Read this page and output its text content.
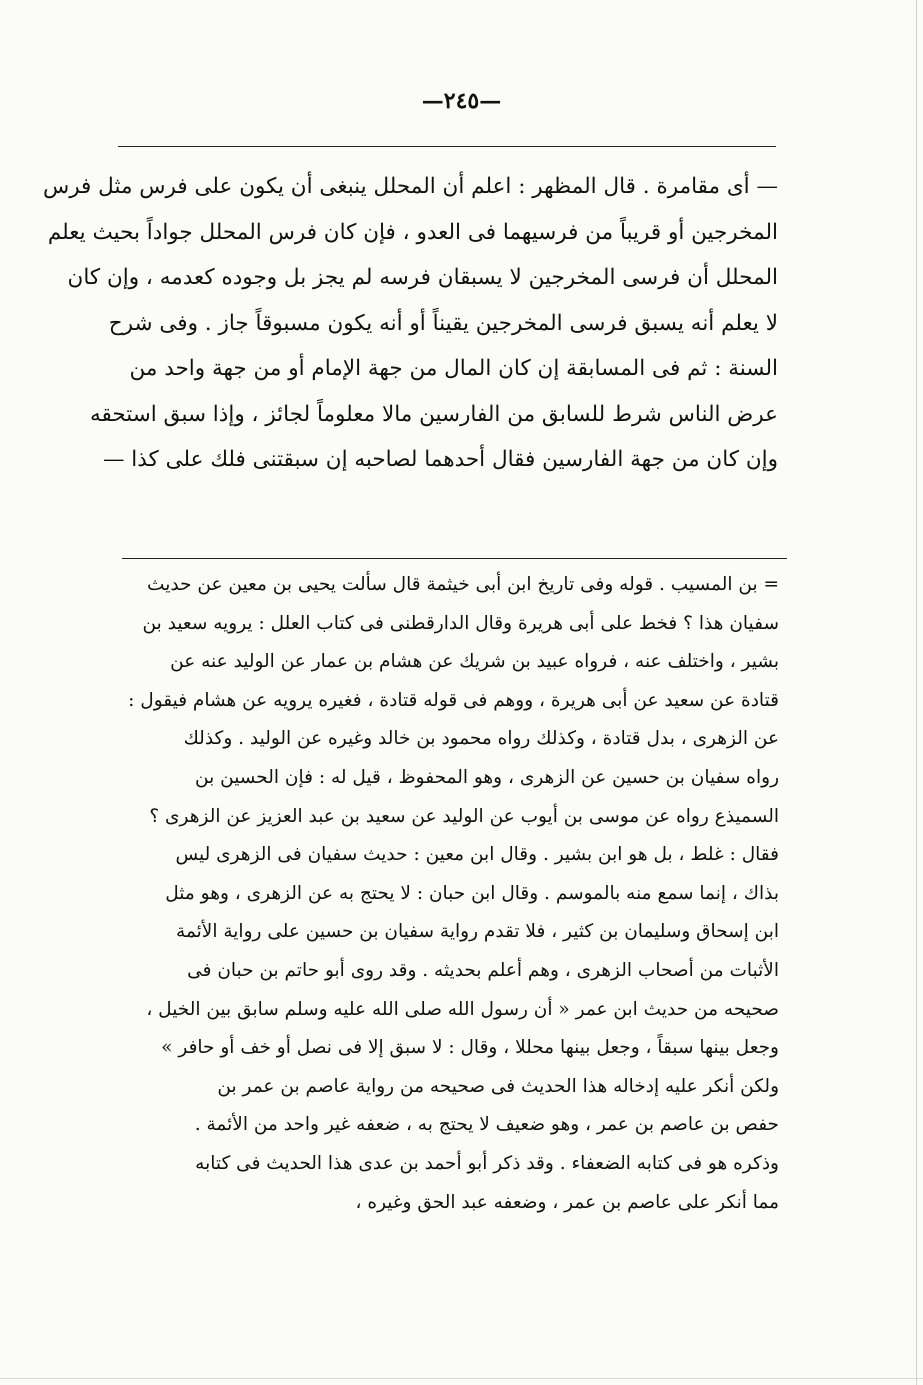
—٢٤٥—
— أى مقامرة . قال المظهر : اعلم أن المحلل ينبغى أن يكون على فرس مثل فرس
المخرجين أو قريباً من فرسيهما فى العدو ، فإن كان فرس المحلل جواداً بحيث يعلم
المحلل أن فرسى المخرجين لا يسبقان فرسه لم يجز بل وجوده كعدمه ، وإن كان
لا يعلم أنه يسبق فرسى المخرجين يقيناً أو أنه يكون مسبوقاً جاز . وفى شرح
السنة : ثم فى المسابقة إن كان المال من جهة الإمام أو من جهة واحد من
عرض الناس شرط للسابق من الفارسين مالا معلوماً لجائز ، وإذا سبق استحقه
وإن كان من جهة الفارسين فقال أحدهما لصاحبه إن سبقتنى فلك على كذا —
= بن المسيب . قوله وفى تاريخ ابن أبى خيثمة قال سألت يحيى بن معين عن حديث
سفيان هذا ؟ فخط على أبى هريرة وقال الدارقطنى فى كتاب العلل : يرويه سعيد بن
بشير ، واختلف عنه ، فرواه عبيد بن شريك عن هشام بن عمار عن الوليد عنه عن
قتادة عن سعيد عن أبى هريرة ، ووهم فى قوله قتادة ، فغيره يرويه عن هشام فيقول :
عن الزهرى ، بدل قتادة ، وكذلك رواه محمود بن خالد وغيره عن الوليد . وكذلك
رواه سفيان بن حسين عن الزهرى ، وهو المحفوظ ، قيل له : فإن الحسين بن
السميذع رواه عن موسى بن أيوب عن الوليد عن سعيد بن عبد العزيز عن الزهرى ؟
فقال : غلط ، بل هو ابن بشير . وقال ابن معين : حديث سفيان فى الزهرى ليس
بذاك ، إنما سمع منه بالموسم . وقال ابن حبان : لا يحتج به عن الزهرى ، وهو مثل
ابن إسحاق وسليمان بن كثير ، فلا تقدم رواية سفيان بن حسين على رواية الأئمة
الأثبات من أصحاب الزهرى ، وهم أعلم بحديثه . وقد روى أبو حاتم بن حبان فى
صحيحه من حديث ابن عمر « أن رسول الله صلى الله عليه وسلم سابق بين الخيل ،
وجعل بينها سبقاً ، وجعل بينها محللا ، وقال : لا سبق إلا فى نصل أو خف أو حافر »
ولكن أنكر عليه إدخاله هذا الحديث فى صحيحه من رواية عاصم بن عمر بن
حفص بن عاصم بن عمر ، وهو ضعيف لا يحتج به ، ضعفه غير واحد من الأئمة .
وذكره هو فى كتابه الضعفاء . وقد ذكر أبو أحمد بن عدى هذا الحديث فى كتابه
مما أنكر على عاصم بن عمر ، وضعفه عبد الحق وغيره ،
